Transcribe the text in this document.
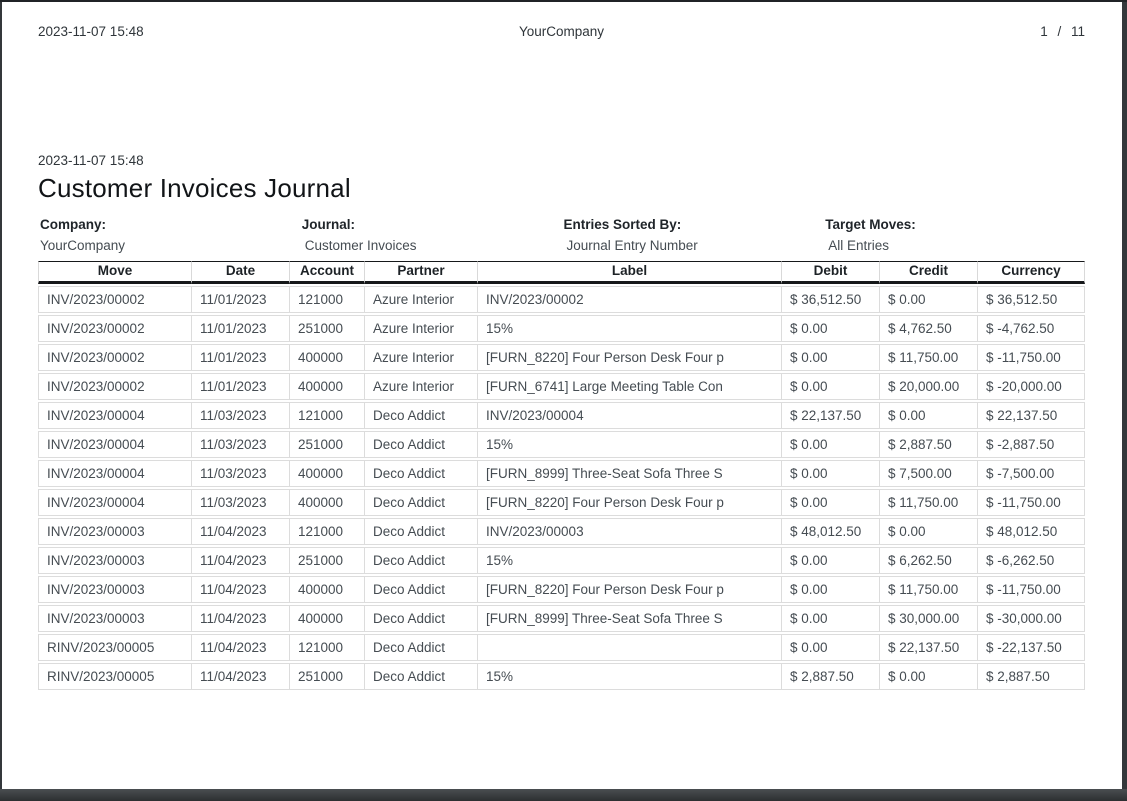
2023-11-07 15:48	YourCompany	1 / 11
2023-11-07 15:48
Customer Invoices Journal
Company:
YourCompany
Journal:
Customer Invoices
Entries Sorted By:
Journal Entry Number
Target Moves:
All Entries
Move	Date	Account	Partner	Label	Debit	Credit	Currency
INV/2023/00002	11/01/2023	121000	Azure Interior	INV/2023/00002	$ 36,512.50	$ 0.00	$ 36,512.50
INV/2023/00002	11/01/2023	251000	Azure Interior	15%	$ 0.00	$ 4,762.50	$ -4,762.50
INV/2023/00002	11/01/2023	400000	Azure Interior	[FURN_8220] Four Person Desk Four p	$ 0.00	$ 11,750.00	$ -11,750.00
INV/2023/00002	11/01/2023	400000	Azure Interior	[FURN_6741] Large Meeting Table Con	$ 0.00	$ 20,000.00	$ -20,000.00
INV/2023/00004	11/03/2023	121000	Deco Addict	INV/2023/00004	$ 22,137.50	$ 0.00	$ 22,137.50
INV/2023/00004	11/03/2023	251000	Deco Addict	15%	$ 0.00	$ 2,887.50	$ -2,887.50
INV/2023/00004	11/03/2023	400000	Deco Addict	[FURN_8999] Three-Seat Sofa Three S	$ 0.00	$ 7,500.00	$ -7,500.00
INV/2023/00004	11/03/2023	400000	Deco Addict	[FURN_8220] Four Person Desk Four p	$ 0.00	$ 11,750.00	$ -11,750.00
INV/2023/00003	11/04/2023	121000	Deco Addict	INV/2023/00003	$ 48,012.50	$ 0.00	$ 48,012.50
INV/2023/00003	11/04/2023	251000	Deco Addict	15%	$ 0.00	$ 6,262.50	$ -6,262.50
INV/2023/00003	11/04/2023	400000	Deco Addict	[FURN_8220] Four Person Desk Four p	$ 0.00	$ 11,750.00	$ -11,750.00
INV/2023/00003	11/04/2023	400000	Deco Addict	[FURN_8999] Three-Seat Sofa Three S	$ 0.00	$ 30,000.00	$ -30,000.00
RINV/2023/00005	11/04/2023	121000	Deco Addict		$ 0.00	$ 22,137.50	$ -22,137.50
RINV/2023/00005	11/04/2023	251000	Deco Addict	15%	$ 2,887.50	$ 0.00	$ 2,887.50
